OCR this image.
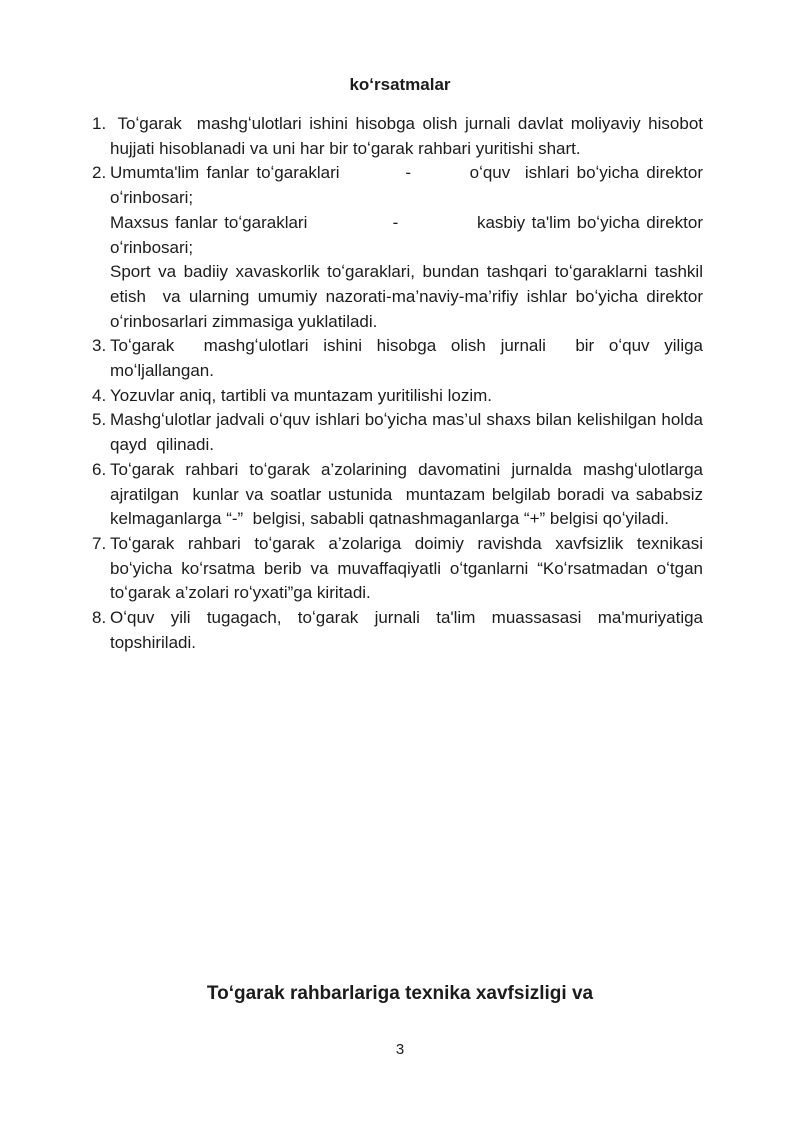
koʻrsatmalar
1. Toʻgarak  mashgʻulotlari ishini hisobga olish jurnali davlat moliyaviy hisobot hujjati hisoblanadi va uni har bir toʻgarak rahbari yuritishi shart.

2. Umumta'lim fanlar toʻgaraklari         -        oʻquv  ishlari boʻyicha direktor oʻrinbosari;

Maxsus fanlar toʻgaraklari             -            kasbiy ta'lim boʻyicha direktor oʻrinbosari;

Sport va badiiy xavaskorlik toʻgaraklari, bundan tashqari toʻgaraklarni tashkil etish  va ularning umumiy nazorati-ma’naviy-ma’rifiy ishlar boʻyicha direktor oʻrinbosarlari zimmasiga yuklatiladi.

3. Toʻgarak  mashgʻulotlari ishini hisobga olish jurnali  bir oʻquv yiliga moʻljallangan.

4. Yozuvlar aniq, tartibli va muntazam yuritilishi lozim.

5. Mashgʻulotlar jadvali oʻquv ishlari boʻyicha mas’ul shaxs bilan kelishilgan holda qayd  qilinadi.

6. Toʻgarak rahbari toʻgarak a’zolarining davomatini jurnalda mashgʻulotlarga ajratilgan  kunlar va soatlar ustunida  muntazam belgilab boradi va sababsiz kelmaganlarga “-”  belgisi, sababli qatnashmaganlarga “+” belgisi qoʻyiladi.

7. Toʻgarak rahbari toʻgarak a’zolariga doimiy ravishda xavfsizlik texnikasi boʻyicha koʻrsatma berib va muvaffaqiyatli oʻtganlarni “Koʻrsatmadan oʻtgan toʻgarak a’zolari roʻyxati”ga kiritadi.

8. Oʻquv yili tugagach, toʻgarak jurnali ta'lim muassasasi ma'muriyatiga topshiriladi.

Toʻgarak rahbarlariga texnika xavfsizligi va
3
